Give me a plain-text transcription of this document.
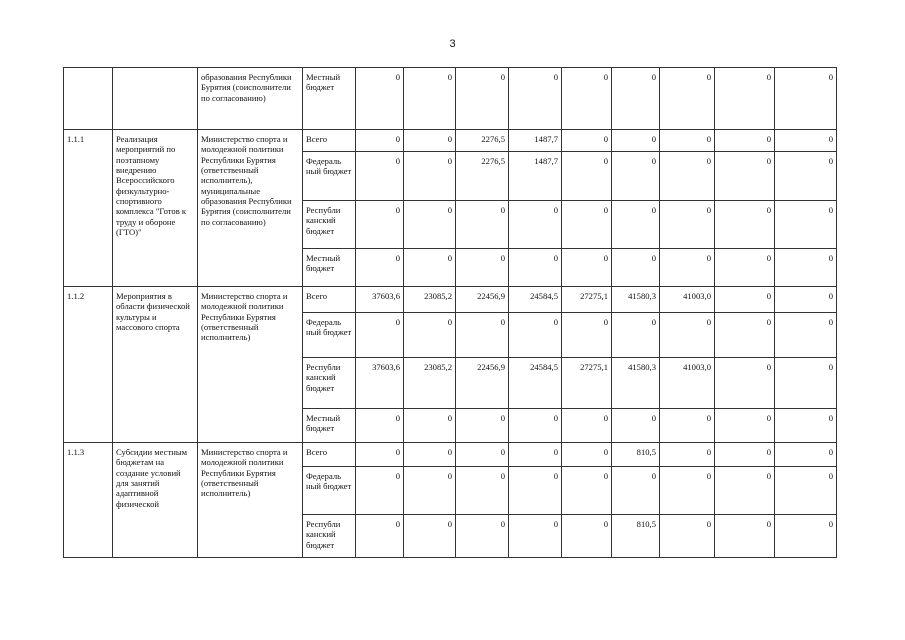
3
		образования Республики Бурятия (соисполнители по согласованию)	Местный бюджет	0	0	0	0	0	0	0	0	0
1.1.1	Реализация мероприятий по поэтапному внедрению Всероссийского физкультурно-спортивного комплекса "Готов к труду и обороне (ГТО)"	Министерство спорта и молодежной политики Республики Бурятия (ответственный исполнитель), муниципальные образования Республики Бурятия (соисполнители по согласованию)	Всего	0	0	2276,5	1487,7	0	0	0	0	0
			Федераль ный бюджет	0	0	2276,5	1487,7	0	0	0	0	0
			Республи канский бюджет	0	0	0	0	0	0	0	0	0
			Местный бюджет	0	0	0	0	0	0	0	0	0
1.1.2	Мероприятия в области физической культуры и массового спорта	Министерство спорта и молодежной политики Республики Бурятия (ответственный исполнитель)	Всего	37603,6	23085,2	22456,9	24584,5	27275,1	41580,3	41003,0	0	0
			Федераль ный бюджет	0	0	0	0	0	0	0	0	0
			Республи канский бюджет	37603,6	23085,2	22456,9	24584,5	27275,1	41580,3	41003,0	0	0
			Местный бюджет	0	0	0	0	0	0	0	0	0
1.1.3	Субсидии местным бюджетам на создание условий для занятий адаптивной физической	Министерство спорта и молодежной политики Республики Бурятия (ответственный исполнитель)	Всего	0	0	0	0	0	810,5	0	0	0
			Федераль ный бюджет	0	0	0	0	0	0	0	0	0
			Республи канский бюджет	0	0	0	0	0	810,5	0	0	0
